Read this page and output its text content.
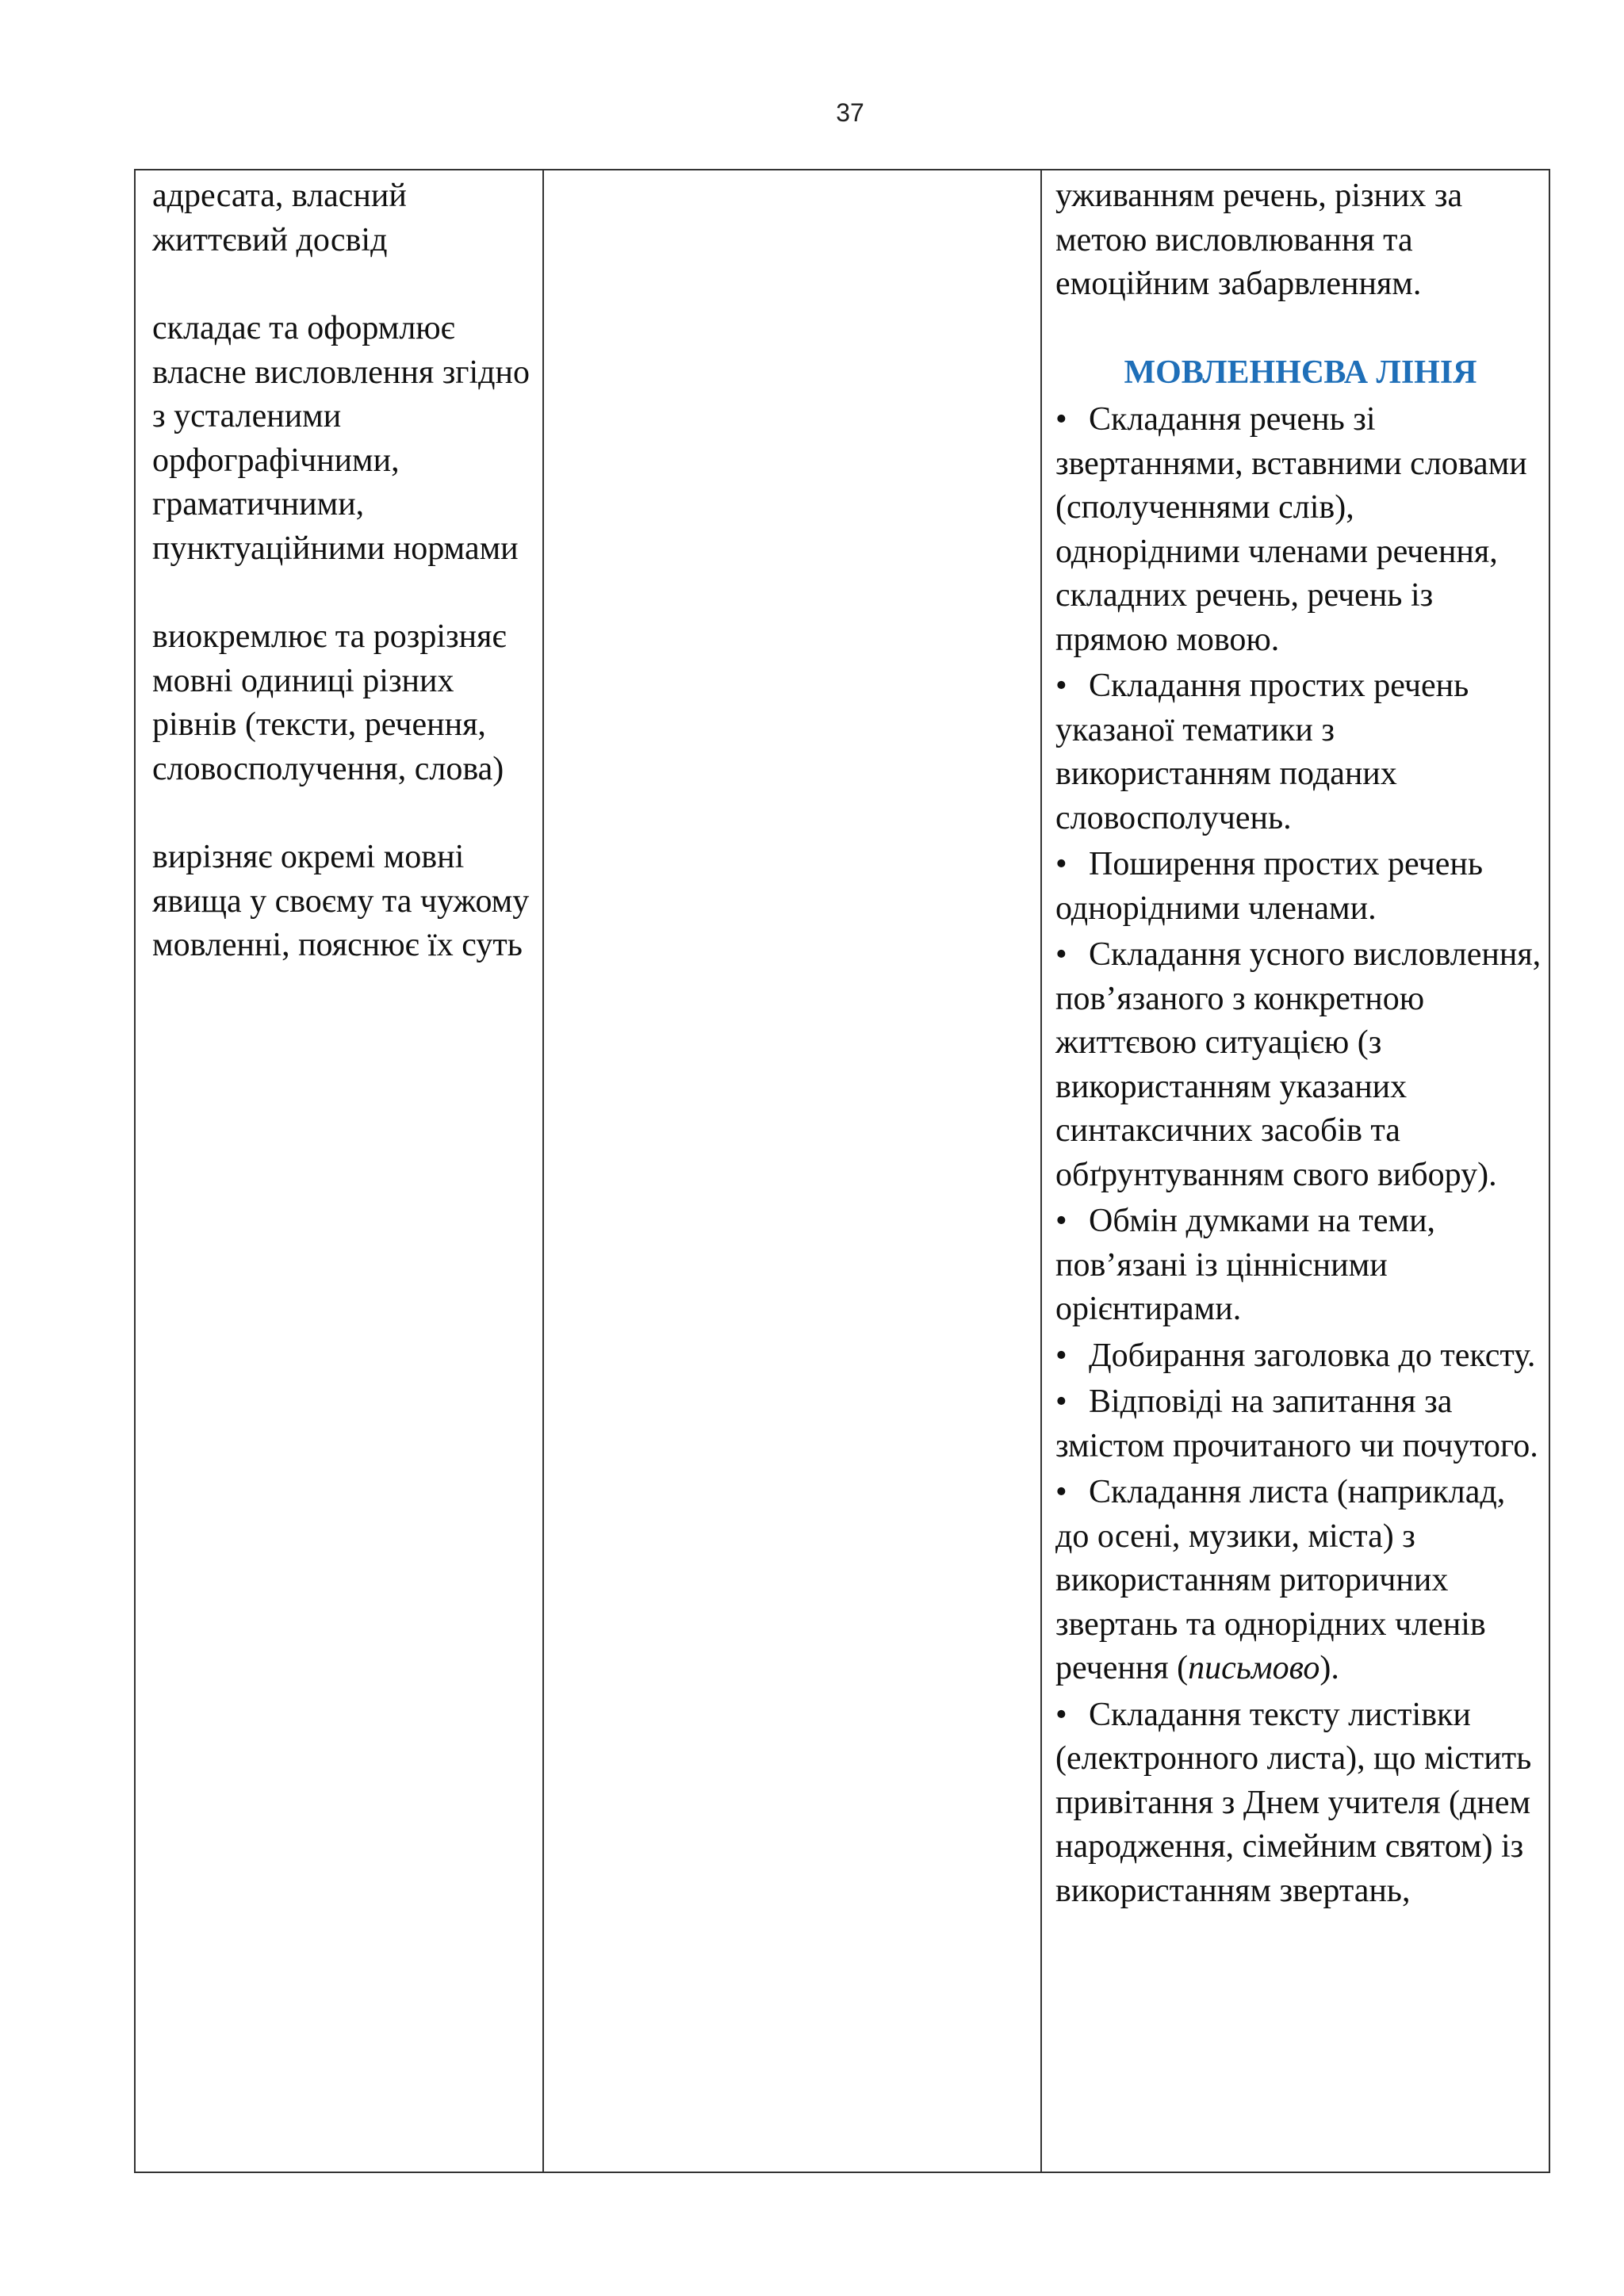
37
адресата, власний життєвий досвід
складає та оформлює власне висловлення згідно з усталеними орфографічними, граматичними, пунктуаційними нормами
виокремлює та розрізняє мовні одиниці різних рівнів (тексти, речення, словосполучення, слова)
вирізняє окремі мовні явища у своєму та чужому мовленні, пояснює їх суть
уживанням речень, різних за метою висловлювання та емоційним забарвленням.
МОВЛЕННЄВА ЛІНІЯ
• Складання речень зі звертаннями, вставними словами (сполученнями слів), однорідними членами речення, складних речень, речень із прямою мовою.
• Складання простих речень указаної тематики з використанням поданих словосполучень.
• Поширення простих речень однорідними членами.
• Складання усного висловлення, пов’язаного з конкретною життєвою ситуацією (з використанням указаних синтаксичних засобів та обґрунтуванням свого вибору).
• Обмін думками на теми, пов’язані із ціннісними орієнтирами.
• Добирання заголовка до тексту.
• Відповіді на запитання за змістом прочитаного чи почутого.
• Складання листа (наприклад, до осені, музики, міста) з використанням риторичних звертань та однорідних членів речення (письмово).
• Складання тексту листівки (електронного листа), що містить привітання з Днем учителя (днем народження, сімейним святом) із використанням звертань,
